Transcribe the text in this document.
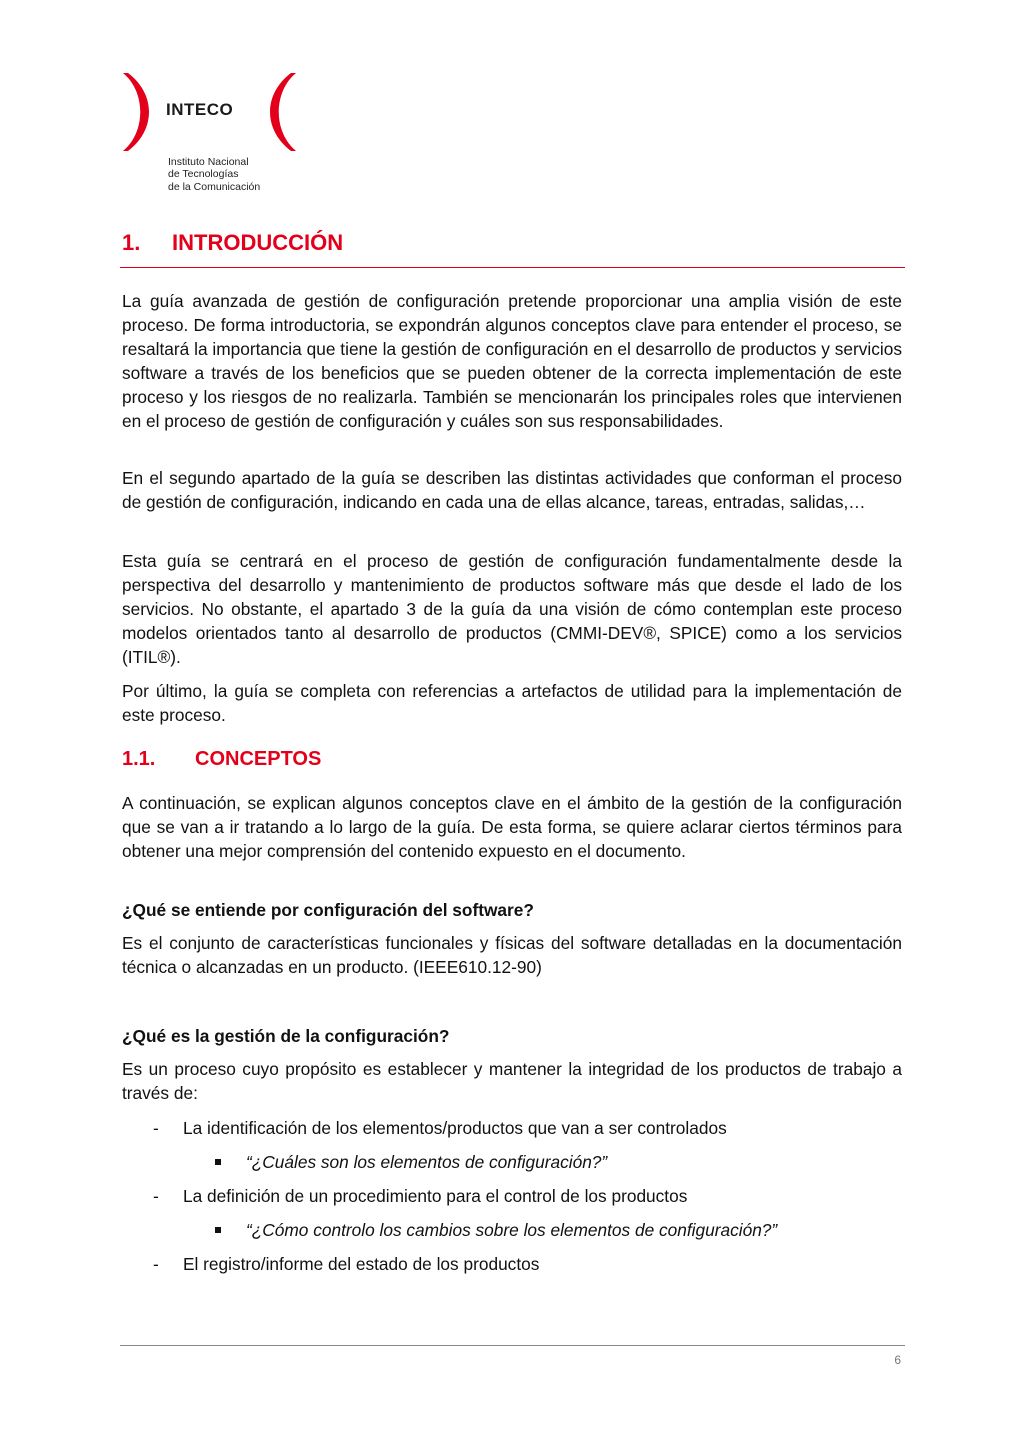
inteco
Instituto Nacional
de Tecnologías
de la Comunicación
1.	INTRODUCCIÓN

La guía avanzada de gestión de configuración pretende proporcionar una amplia visión de este proceso. De forma introductoria, se expondrán algunos conceptos clave para entender el proceso, se resaltará la importancia que tiene la gestión de configuración en el desarrollo de productos y servicios software a través de los beneficios que se pueden obtener de la correcta implementación de este proceso y los riesgos de no realizarla. También se mencionarán los principales roles que intervienen en el proceso de gestión de configuración y cuáles son sus responsabilidades.

En el segundo apartado de la guía se describen las distintas actividades que conforman el proceso de gestión de configuración, indicando en cada una de ellas alcance, tareas, entradas, salidas,…

Esta guía se centrará en el proceso de gestión de configuración fundamentalmente desde la perspectiva del desarrollo y mantenimiento de productos software más que desde el lado de los servicios. No obstante, el apartado 3 de la guía da una visión de cómo contemplan este proceso modelos orientados tanto al desarrollo de productos (CMMI-DEV®, SPICE) como a los servicios (ITIL®).

Por último, la guía se completa con referencias a artefactos de utilidad para la implementación de este proceso.

1.1.	CONCEPTOS

A continuación, se explican algunos conceptos clave en el ámbito de la gestión de la configuración que se van a ir tratando a lo largo de la guía. De esta forma, se quiere aclarar ciertos términos para obtener una mejor comprensión del contenido expuesto en el documento.

¿Qué se entiende por configuración del software?

Es el conjunto de características funcionales y físicas del software detalladas en la documentación técnica o alcanzadas en un producto. (IEEE610.12-90)

¿Qué es la gestión de la configuración?

Es un proceso cuyo propósito es establecer y mantener la integridad de los productos de trabajo a través de:

- La identificación de los elementos/productos que van a ser controlados
“¿Cuáles son los elementos de configuración?”
- La definición de un procedimiento para el control de los productos
“¿Cómo controlo los cambios sobre los elementos de configuración?”
- El registro/informe del estado de los productos
6
